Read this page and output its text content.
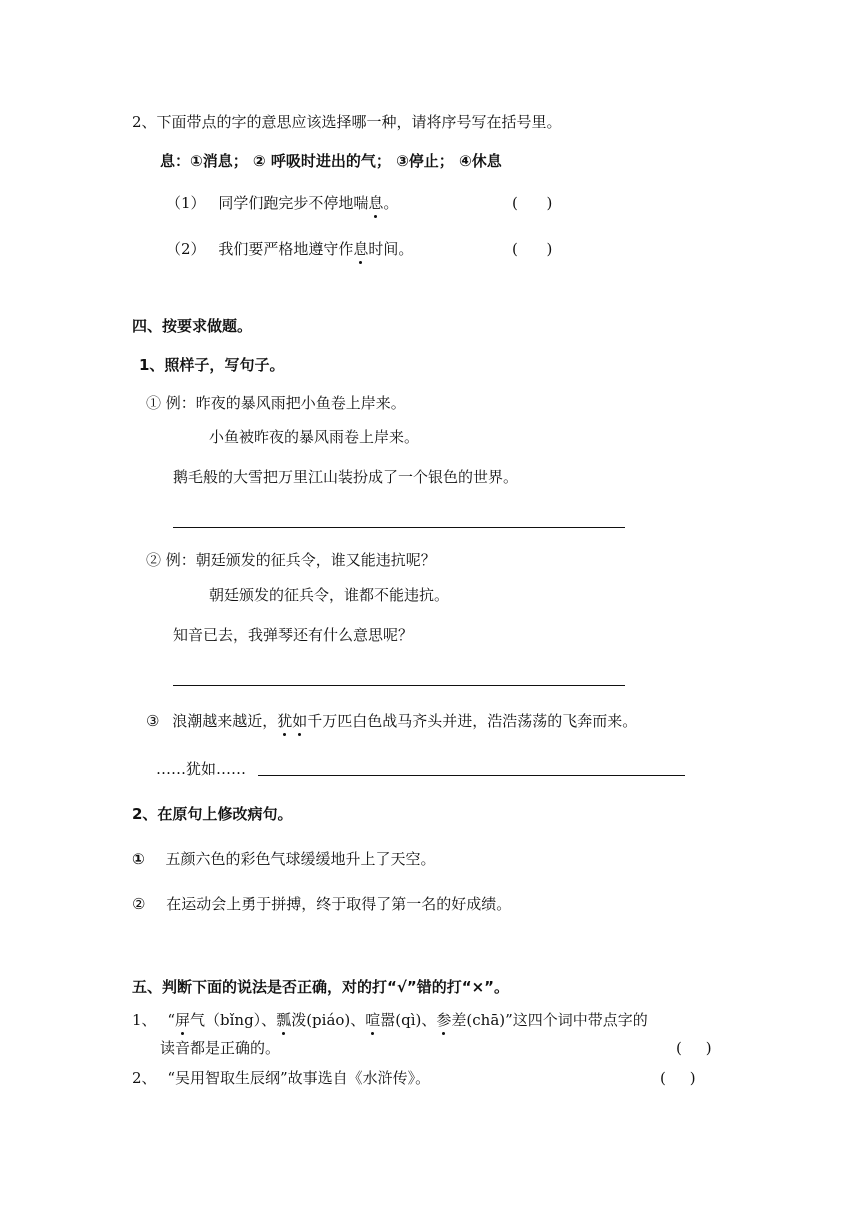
2、下面带点的字的意思应该选择哪一种，请将序号写在括号里。
息：①消息； ② 呼吸时进出的气； ③停止； ④休息
（1） 同学们跑完步不停地喘息。	(      )
（2） 我们要严格地遵守作息时间。	(      )
四、按要求做题。
1、照样子，写句子。
① 例：昨夜的暴风雨把小鱼卷上岸来。
小鱼被昨夜的暴风雨卷上岸来。
鹅毛般的大雪把万里江山装扮成了一个银色的世界。
② 例：朝廷颁发的征兵令，谁又能违抗呢？
朝廷颁发的征兵令，谁都不能违抗。
知音已去，我弹琴还有什么意思呢？
③ 浪潮越来越近，犹如千万匹白色战马齐头并进，浩浩荡荡的飞奔而来。
……犹如……
2、在原句上修改病句。
① 五颜六色的彩色气球缓缓地升上了天空。
② 在运动会上勇于拼搏，终于取得了第一名的好成绩。
五、判断下面的说法是否正确，对的打“√”错的打“×”。
1、 “屏气（bǐng）、瓢泼(piáo)、喧嚣(qì)、参差(chā)”这四个词中带点字的
读音都是正确的。	(     )
2、 “吴用智取生辰纲”故事选自《水浒传》。	(     )
